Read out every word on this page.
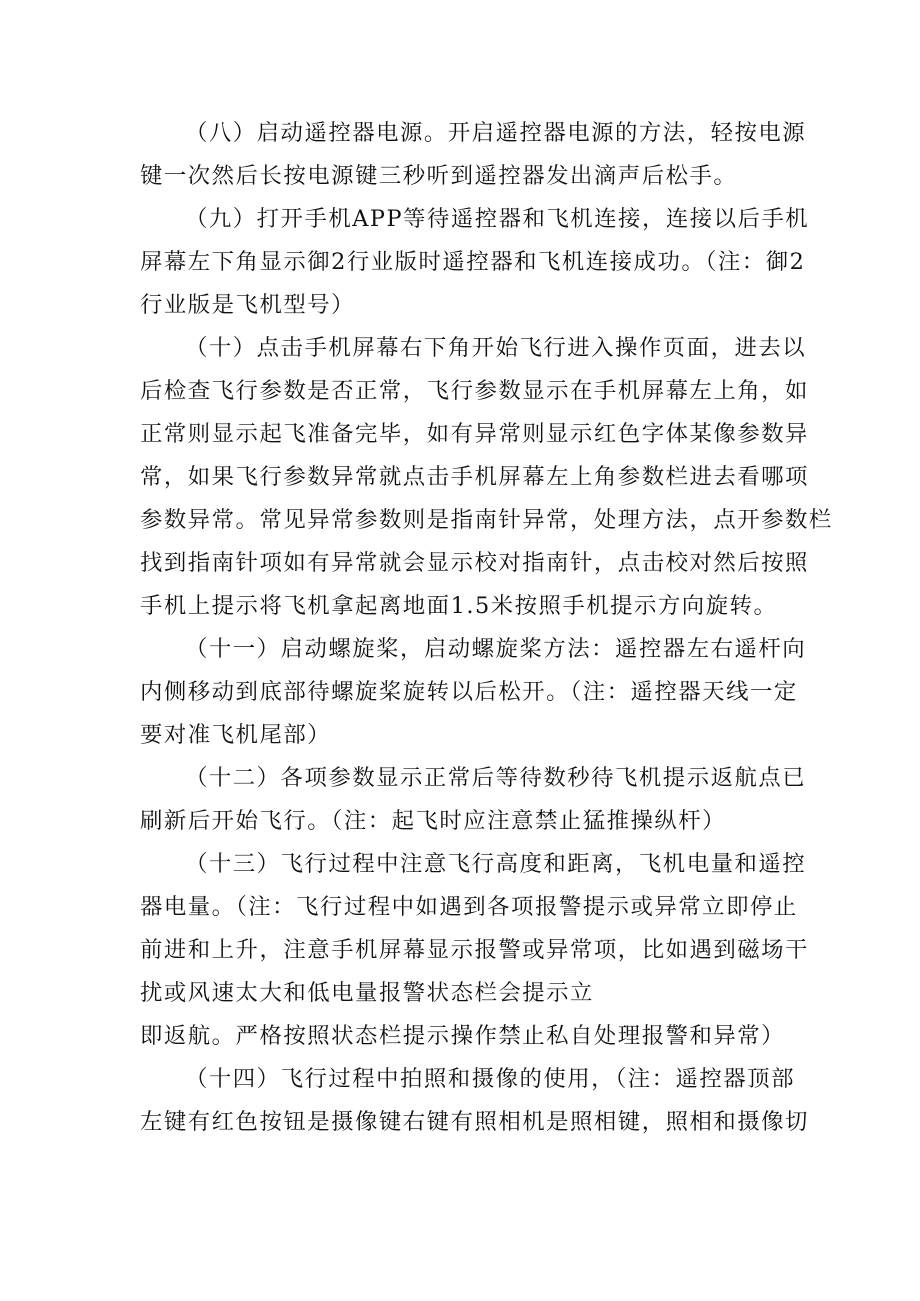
（八）启动遥控器电源。开启遥控器电源的方法，轻按电源
键一次然后长按电源键三秒听到遥控器发出滴声后松手。
（九）打开手机APP等待遥控器和飞机连接，连接以后手机
屏幕左下角显示御2行业版时遥控器和飞机连接成功。（注：御2
行业版是飞机型号）
（十）点击手机屏幕右下角开始飞行进入操作页面，进去以
后检查飞行参数是否正常，飞行参数显示在手机屏幕左上角，如
正常则显示起飞准备完毕，如有异常则显示红色字体某像参数异
常，如果飞行参数异常就点击手机屏幕左上角参数栏进去看哪项
参数异常。常见异常参数则是指南针异常，处理方法，点开参数栏
找到指南针项如有异常就会显示校对指南针，点击校对然后按照
手机上提示将飞机拿起离地面1.5米按照手机提示方向旋转。
（十一）启动螺旋桨，启动螺旋桨方法：遥控器左右遥杆向
内侧移动到底部待螺旋桨旋转以后松开。（注：遥控器天线一定
要对准飞机尾部）
（十二）各项参数显示正常后等待数秒待飞机提示返航点已
刷新后开始飞行。（注：起飞时应注意禁止猛推操纵杆）
（十三）飞行过程中注意飞行高度和距离，飞机电量和遥控
器电量。（注：飞行过程中如遇到各项报警提示或异常立即停止
前进和上升，注意手机屏幕显示报警或异常项，比如遇到磁场干
扰或风速太大和低电量报警状态栏会提示立
即返航。严格按照状态栏提示操作禁止私自处理报警和异常）
（十四）飞行过程中拍照和摄像的使用，（注：遥控器顶部
左键有红色按钮是摄像键右键有照相机是照相键，照相和摄像切
